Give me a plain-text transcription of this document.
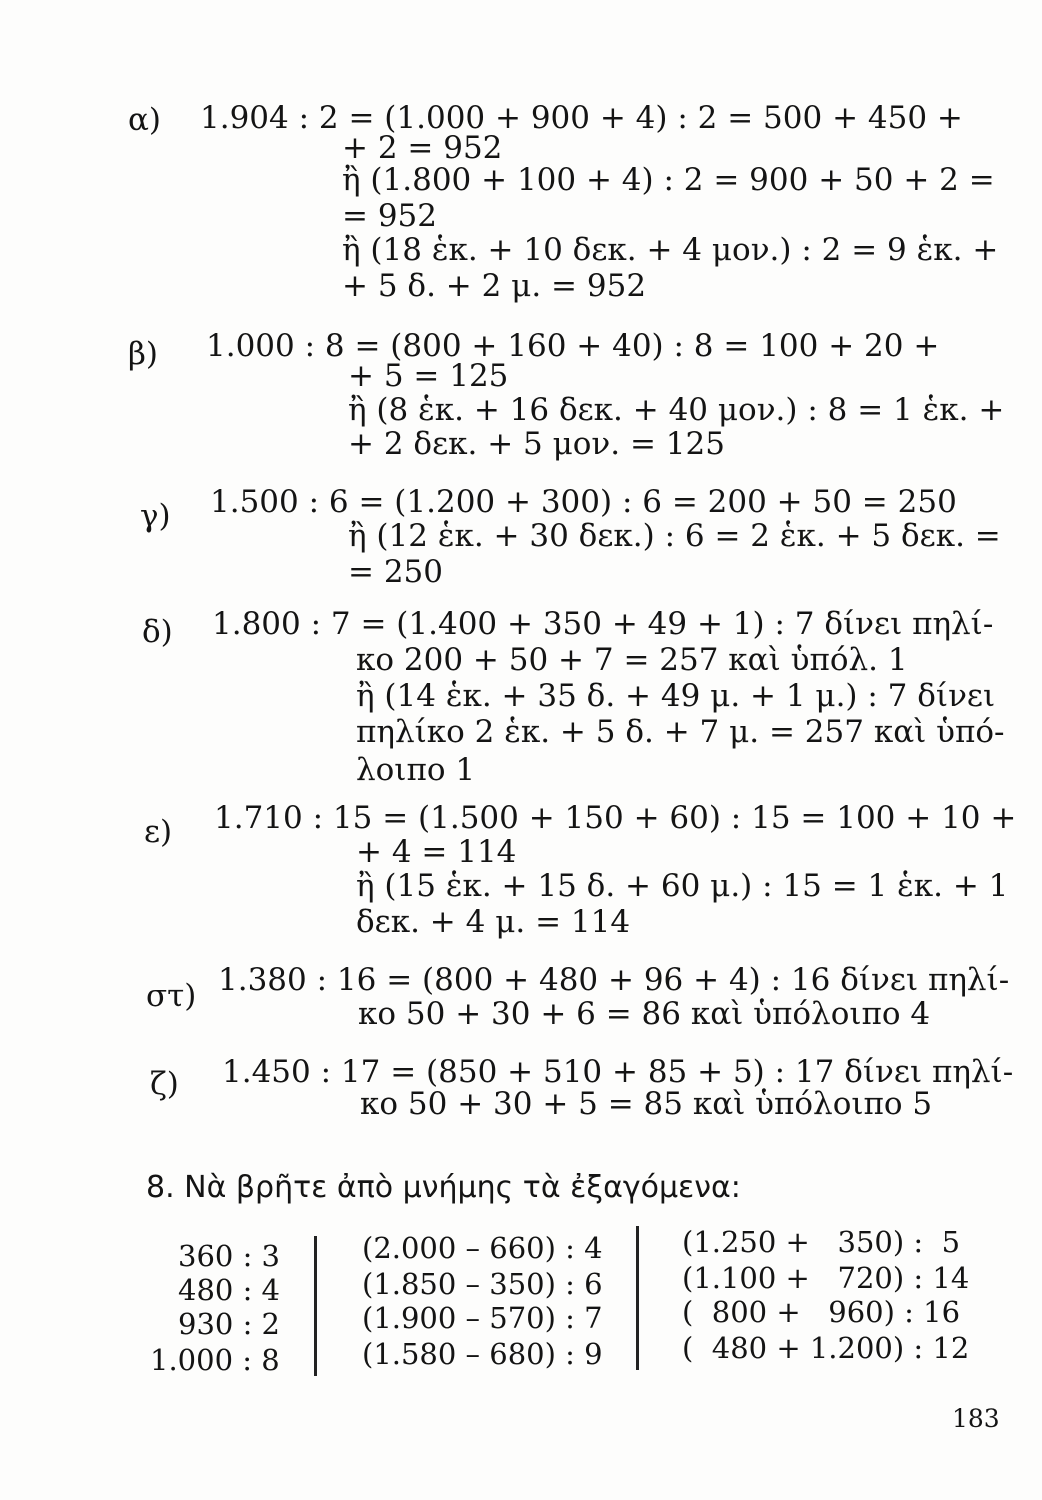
α) 1.904 : 2 = (1.000 + 900 + 4) : 2 = 500 + 450 +
+ 2 = 952
ἢ (1.800 + 100 + 4) : 2 = 900 + 50 + 2 =
= 952
ἢ (18 ἑκ. + 10 δεκ. + 4 μον.) : 2 = 9 ἑκ. +
+ 5 δ. + 2 μ. = 952
β) 1.000 : 8 = (800 + 160 + 40) : 8 = 100 + 20 +
+ 5 = 125
ἢ (8 ἑκ. + 16 δεκ. + 40 μον.) : 8 = 1 ἑκ. +
+ 2 δεκ. + 5 μον. = 125
γ) 1.500 : 6 = (1.200 + 300) : 6 = 200 + 50 = 250
ἢ (12 ἑκ. + 30 δεκ.) : 6 = 2 ἑκ. + 5 δεκ. =
= 250
δ) 1.800 : 7 = (1.400 + 350 + 49 + 1) : 7 δίνει πηλί-
κο 200 + 50 + 7 = 257 καὶ ὑπόλ. 1
ἢ (14 ἑκ. + 35 δ. + 49 μ. + 1 μ.) : 7 δίνει
πηλίκο 2 ἑκ. + 5 δ. + 7 μ. = 257 καὶ ὑπό-
λοιπο 1
ε) 1.710 : 15 = (1.500 + 150 + 60) : 15 = 100 + 10 +
+ 4 = 114
ἢ (15 ἑκ. + 15 δ. + 60 μ.) : 15 = 1 ἑκ. + 1
δεκ. + 4 μ. = 114
στ) 1.380 : 16 = (800 + 480 + 96 + 4) : 16 δίνει πηλί-
κο 50 + 30 + 6 = 86 καὶ ὑπόλοιπο 4
ζ) 1.450 : 17 = (850 + 510 + 85 + 5) : 17 δίνει πηλί-
κο 50 + 30 + 5 = 85 καὶ ὑπόλοιπο 5
8. Νὰ βρῆτε ἀπὸ μνήμης τὰ ἐξαγόμενα:
360 : 3
480 : 4
930 : 2
1.000 : 8
(2.000 – 660) : 4
(1.850 – 350) : 6
(1.900 – 570) : 7
(1.580 – 680) : 9
(1.250 +   350) :  5
(1.100 +   720) : 14
(  800 +   960) : 16
(  480 + 1.200) : 12
183
